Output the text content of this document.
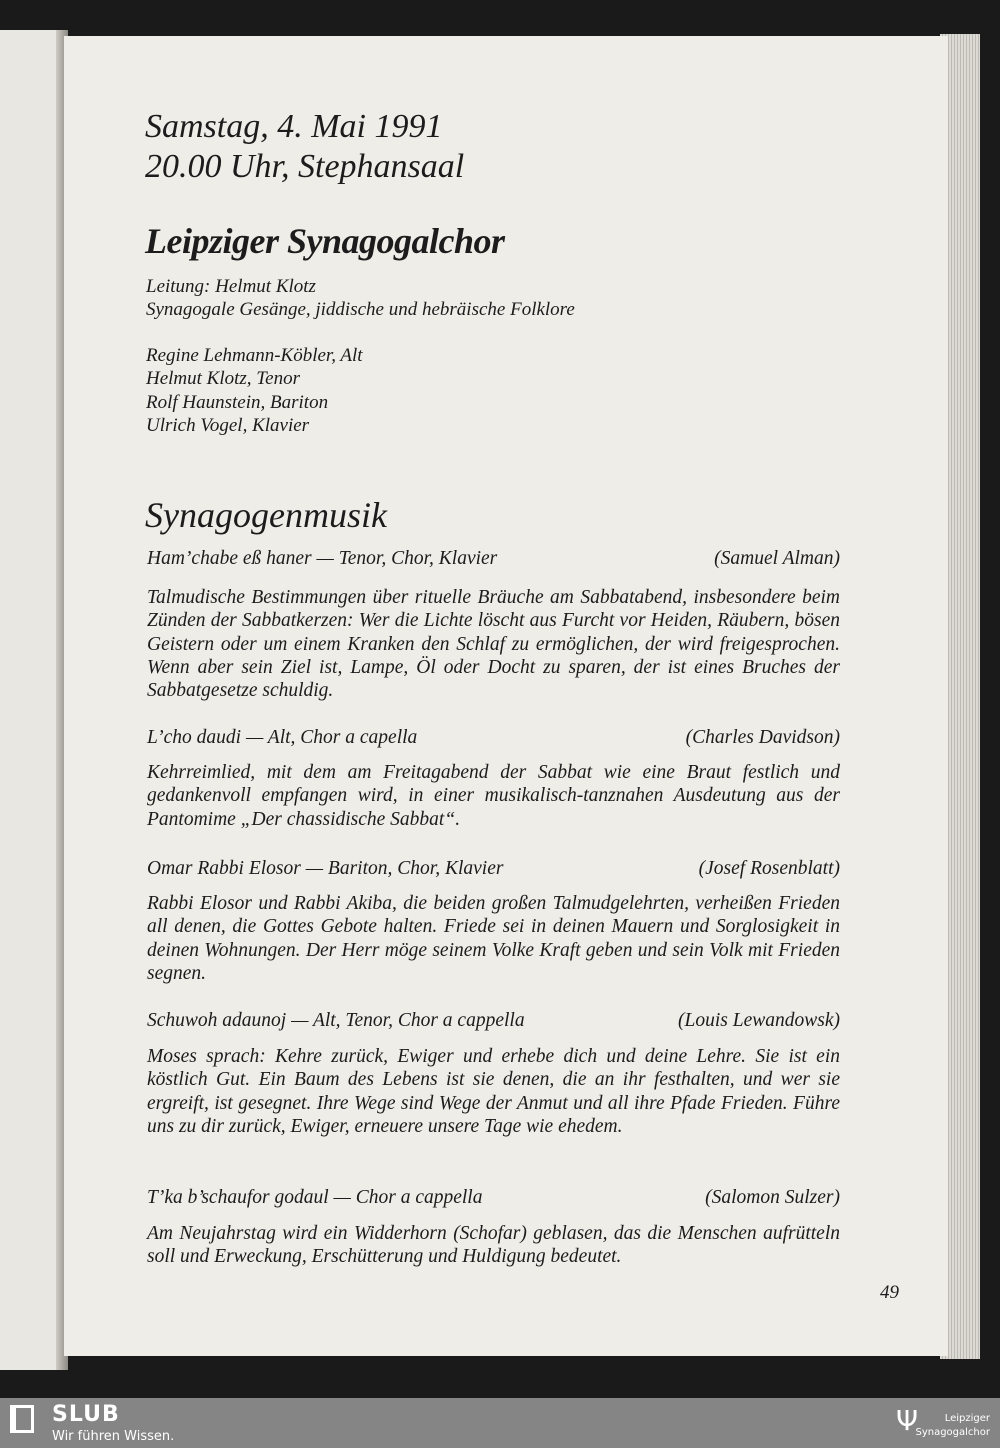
Samstag, 4. Mai 1991
20.00 Uhr, Stephansaal
Leipziger Synagogalchor
Leitung: Helmut Klotz
Synagogale Gesänge, jiddische und hebräische Folklore
Regine Lehmann-Köbler, Alt
Helmut Klotz, Tenor
Rolf Haunstein, Bariton
Ulrich Vogel, Klavier
Synagogenmusik
Ham’chabe eß haner — Tenor, Chor, Klavier	(Samuel Alman)
Talmudische Bestimmungen über rituelle Bräuche am Sabbatabend, insbesondere beim Zünden der Sabbatkerzen: Wer die Lichte löscht aus Furcht vor Heiden, Räubern, bösen Geistern oder um einem Kranken den Schlaf zu ermöglichen, der wird freigesprochen. Wenn aber sein Ziel ist, Lampe, Öl oder Docht zu sparen, der ist eines Bruches der Sabbatgesetze schuldig.
L’cho daudi — Alt, Chor a capella	(Charles Davidson)
Kehrreimlied, mit dem am Freitagabend der Sabbat wie eine Braut festlich und gedankenvoll empfangen wird, in einer musikalisch-tanznahen Ausdeutung aus der Pantomime „Der chassidische Sabbat“.
Omar Rabbi Elosor — Bariton, Chor, Klavier	(Josef Rosenblatt)
Rabbi Elosor und Rabbi Akiba, die beiden großen Talmudgelehrten, verheißen Frieden all denen, die Gottes Gebote halten. Friede sei in deinen Mauern und Sorglosigkeit in deinen Wohnungen. Der Herr möge seinem Volke Kraft geben und sein Volk mit Frieden segnen.
Schuwoh adaunoj — Alt, Tenor, Chor a cappella	(Louis Lewandowsk)
Moses sprach: Kehre zurück, Ewiger und erhebe dich und deine Lehre. Sie ist ein köstlich Gut. Ein Baum des Lebens ist sie denen, die an ihr festhalten, und wer sie ergreift, ist gesegnet. Ihre Wege sind Wege der Anmut und all ihre Pfade Frieden. Führe uns zu dir zurück, Ewiger, erneuere unsere Tage wie ehedem.
T’ka b’schaufor godaul — Chor a cappella	(Salomon Sulzer)
Am Neujahrstag wird ein Widderhorn (Schofar) geblasen, das die Menschen aufrütteln soll und Erweckung, Erschütterung und Huldigung bedeutet.
49
SLUB
Wir führen Wissen.	Ψ	Leipziger
Synagogalchor
